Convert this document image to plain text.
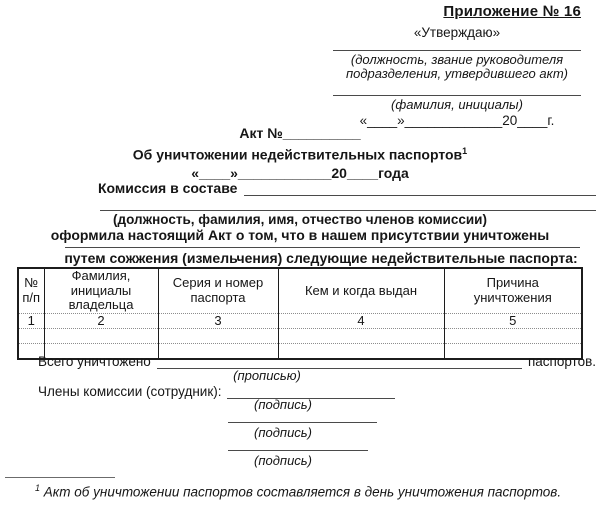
Приложение № 16
«Утверждаю»
(должность, звание руководителя
подразделения, утвердившего акт)
(фамилия, инициалы)
«____»_____________20____г.
Акт №__________
Об уничтожении недействительных паспортов$^1$
«____»____________20____года
Комиссия в составе
(должность, фамилия, имя, отчество членов комиссии)
оформила настоящий Акт о том, что в нашем присутствии уничтожены
путем сожжения (измельчения) следующие недействительные паспорта:
№ п/п	Фамилия, инициалы владельца	Серия и номер паспорта	Кем и когда выдан	Причина уничтожения
1	2	3	4	5

Всего уничтожено	паспортов.
(прописью)
Члены комиссии (сотрудник):
(подпись)
(подпись)
(подпись)
$^1$ Акт об уничтожении паспортов составляется в день уничтожения паспортов.
